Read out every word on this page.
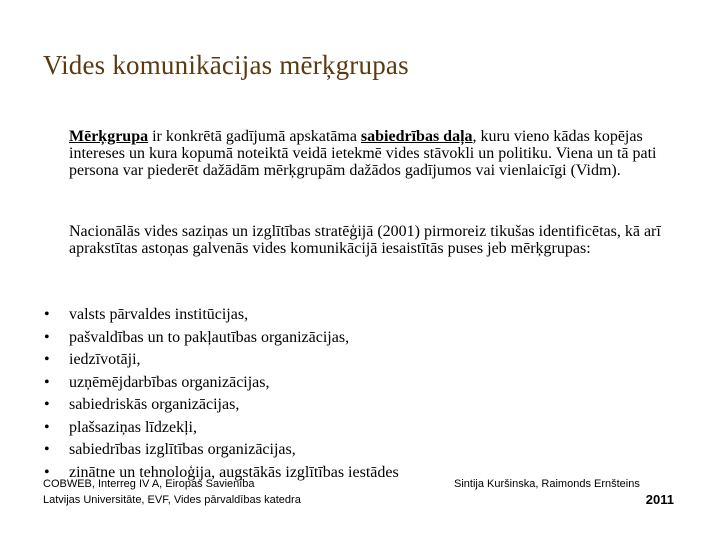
Vides komunikācijas mērķgrupas

Mērķgrupa ir konkrētā gadījumā apskatāma sabiedrības daļa, kuru vieno kādas kopējas intereses un kura kopumā noteiktā veidā ietekmē vides stāvokli un politiku. Viena un tā pati persona var piederēt dažādām mērķgrupām dažādos gadījumos vai vienlaicīgi (Vidm).

Nacionālās vides saziņas un izglītības stratēģijā (2001) pirmoreiz tikušas identificētas, kā arī aprakstītas astoņas galvenās vides komunikācijā iesaistītās puses jeb mērķgrupas:

• valsts pārvaldes institūcijas,
• pašvaldības un to pakļautības organizācijas,
• iedzīvotāji,
• uzņēmējdarbības organizācijas,
• sabiedriskās organizācijas,
• plašsaziņas līdzekļi,
• sabiedrības izglītības organizācijas,
• zinātne un tehnoloģija, augstākās izglītības iestādes
COBWEB, Interreg IV A, Eiropas Savienība
Latvijas Universitāte, EVF, Vides pārvaldības katedra
Sintija Kuršinska, Raimonds Ernšteins
2011
